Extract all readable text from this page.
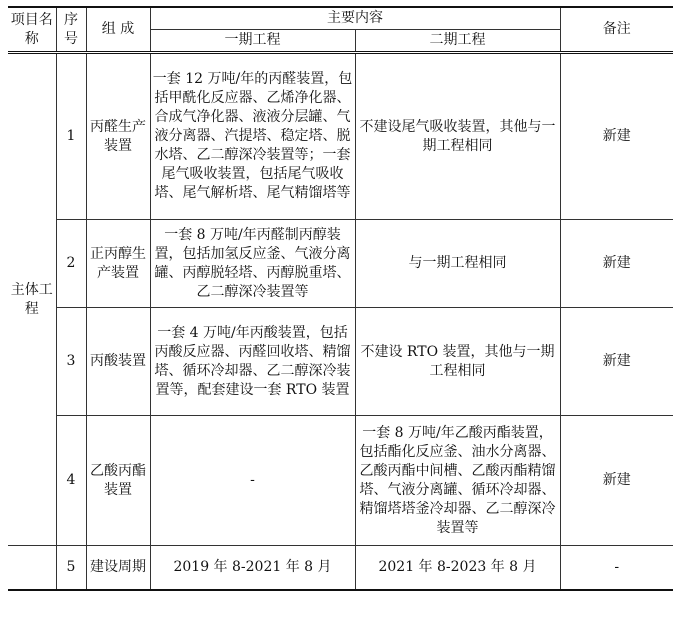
项目名称	序号	组 成	主要内容		备注
			一期工程	二期工程	
主体工程	1	丙醛生产装置	一套 12 万吨/年的丙醛装置，包括甲酰化反应器、乙烯净化器、合成气净化器、液液分层罐、气液分离器、汽提塔、稳定塔、脱水塔、乙二醇深冷装置等；一套尾气吸收装置，包括尾气吸收塔、尾气解析塔、尾气精馏塔等	不建设尾气吸收装置，其他与一期工程相同	新建
	2	正丙醇生产装置	一套 8 万吨/年丙醛制丙醇装置，包括加氢反应釜、气液分离罐、丙醇脱轻塔、丙醇脱重塔、乙二醇深冷装置等	与一期工程相同	新建
	3	丙酸装置	一套 4 万吨/年丙酸装置，包括丙酸反应器、丙醛回收塔、精馏塔、循环冷却器、乙二醇深冷装置等，配套建设一套 RTO 装置	不建设 RTO 装置，其他与一期工程相同	新建
	4	乙酸丙酯装置	-	一套 8 万吨/年乙酸丙酯装置，包括酯化反应釜、油水分离器、乙酸丙酯中间槽、乙酸丙酯精馏塔、气液分离罐、循环冷却器、精馏塔塔釜冷却器、乙二醇深冷装置等	新建
	5	建设周期	2019 年 8-2021 年 8 月	2021 年 8-2023 年 8 月	-
